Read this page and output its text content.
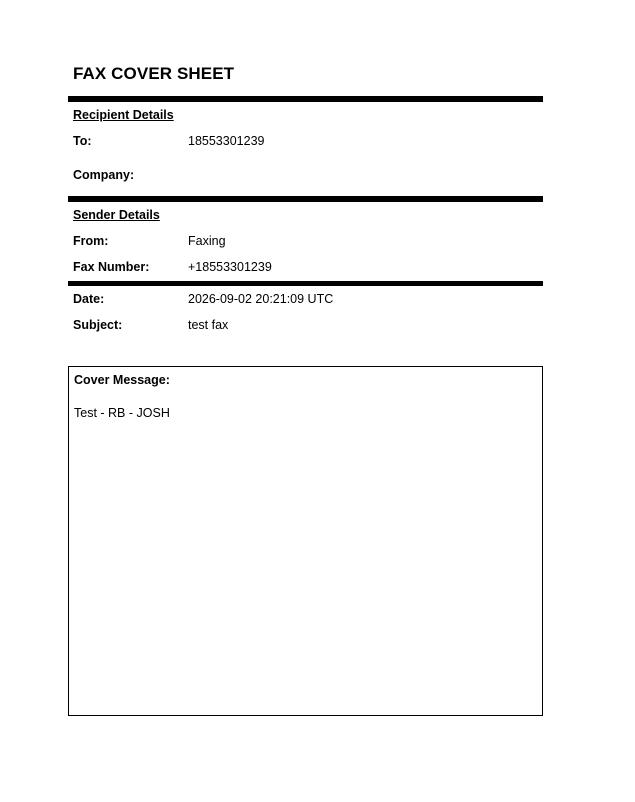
FAX COVER SHEET
Recipient Details
To:	18553301239
Company:
Sender Details
From:	Faxing
Fax Number:	+18553301239
Date:	2026-09-02 20:21:09 UTC
Subject:	test fax
Cover Message:
Test - RB - JOSH
